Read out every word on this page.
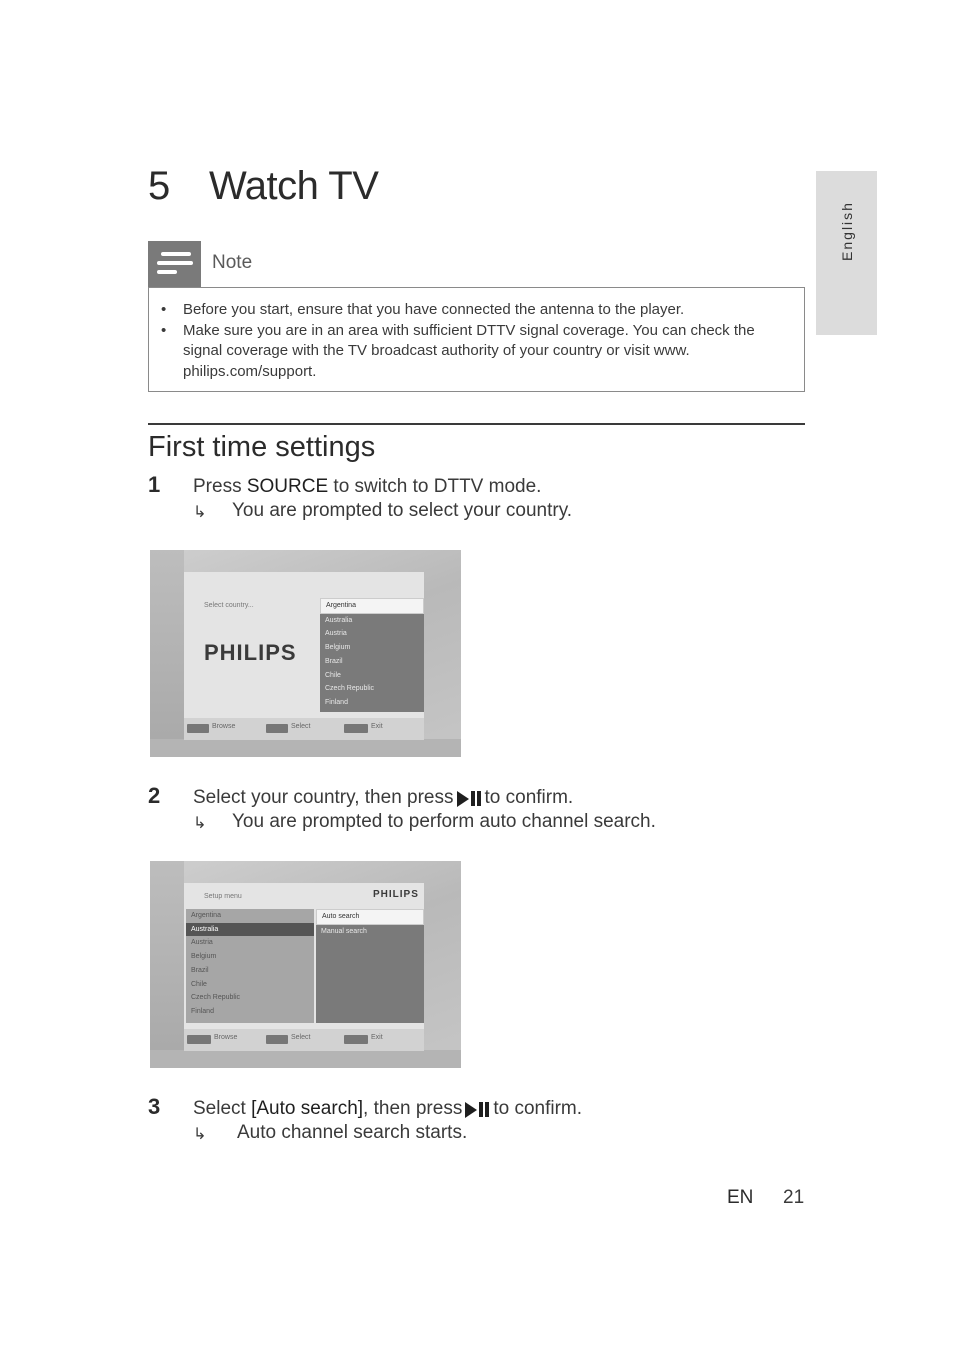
5 Watch TV
English
Note
• Before you start, ensure that you have connected the antenna to the player.
• Make sure you are in an area with sufficient DTTV signal coverage. You can check the signal coverage with the TV broadcast authority of your country or visit www. philips.com/support.
First time settings
1 Press SOURCE to switch to DTTV mode.
↳ You are prompted to select your country.
Select country...
PHILIPS
Argentina
Australia
Austria
Belgium
Brazil
Chile
Czech Republic
Finland
Browse	Select	Exit
2 Select your country, then press to confirm.
↳ You are prompted to perform auto channel search.
Setup menu	PHILIPS
Argentina
Australia
Austria
Belgium
Brazil
Chile
Czech Republic
Finland
Auto search
Manual search
Browse	Select	Exit
3 Select [Auto search], then press to confirm.
↳ Auto channel search starts.
EN 21
